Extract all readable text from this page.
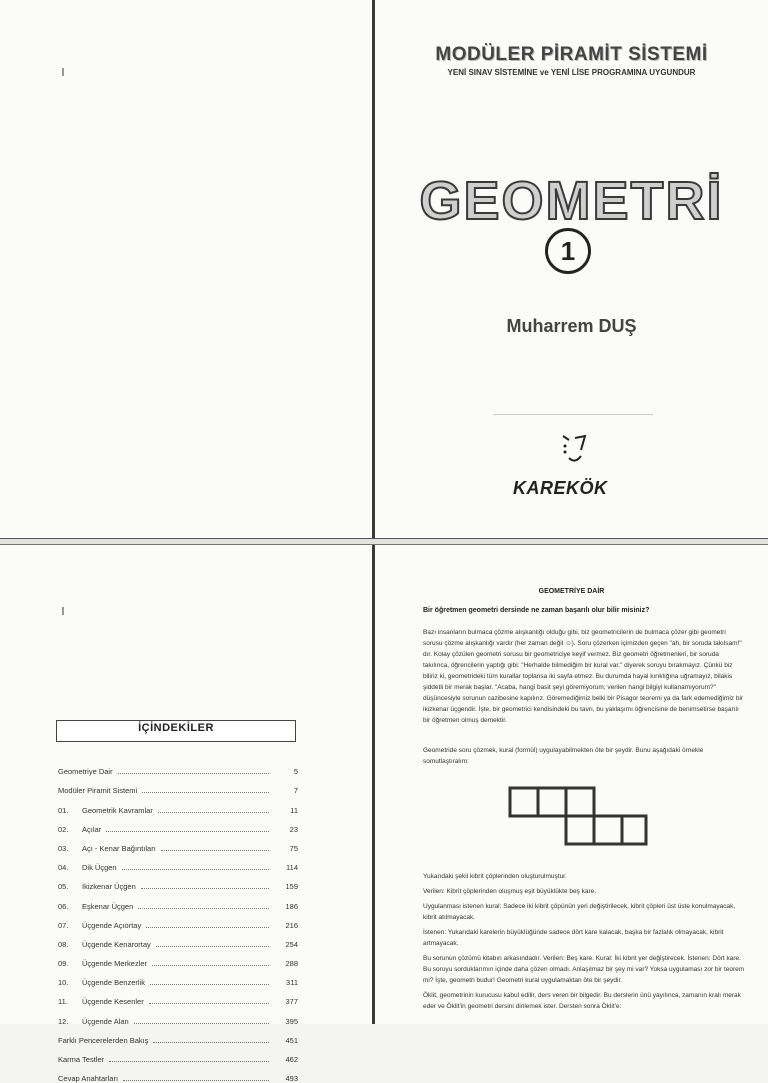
MODÜLER PİRAMİT SİSTEMİ
YENİ SINAV SİSTEMİNE ve YENİ LİSE PROGRAMINA UYGUNDUR
GEOMETRİ
1
Muharrem DUŞ
KAREKÖK
İÇİNDEKİLER
Geometriye Dair	5
Modüler Piramit Sistemi	7
01.	Geometrik Kavramlar	11
02.	Açılar	23
03.	Açı - Kenar Bağıntıları	75
04.	Dik Üçgen	114
05.	İkizkenar Üçgen	159
06.	Eşkenar Üçgen	186
07.	Üçgende Açıortay	216
08.	Üçgende Kenarortay	254
09.	Üçgende Merkezler	288
10.	Üçgende Benzerlik	311
11.	Üçgende Kesenler	377
12.	Üçgende Alan	395
Farklı Pencerelerden Bakış	451
Karma Testler	462
Cevap Anahtarları	493
GEOMETRİYE DAİR
Bir öğretmen geometri dersinde ne zaman başarılı olur bilir misiniz?

Bazı insanların bulmaca çözme alışkanlığı olduğu gibi, biz geometricilerin de bulmaca çözer gibi geometri sorusu çözme alışkanlığı vardır (her zaman değil ☺). Soru çözerken içimizden geçen "ah, bir soruda takılsam!" dır. Kolay çözülen geometri sorusu bir geometriciye keyif vermez. Biz geometri öğretmenleri, bir soruda takılınca, öğrencilerin yaptığı gibi: "Herhalde bilmediğim bir kural var." diyerek soruyu bırakmayız. Çünkü biz biliriz ki, geometrideki tüm kurallar toplansa iki sayfa etmez. Bu durumda hayal kırıklığına uğramayız, bilakis şiddetli bir merak başlar. "Acaba, hangi basit şeyi göremiyorum; verilen hangi bilgiyi kullanamıyorum?" düşüncesiyle sorunun cazibesine kapılırız. Göremediğimiz belki bir Pisagor teoremi ya da fark edemediğimiz bir ikizkenar üçgendir. İşte, bir geometrici kendisindeki bu tavrı, bu yaklaşımı öğrencisine de benimsetirse başarılı bir öğretmen olmuş demektir.

Geometride soru çözmek, kural (formül) uygulayabilmekten öte bir şeydir. Bunu aşağıdaki örnekle somutlaştıralım:

Yukarıdaki şekil kibrit çöplerinden oluşturulmuştur.

Verilen: Kibrit çöplerinden oluşmuş eşit büyüklükte beş kare.

Uygulanması istenen kural: Sadece iki kibrit çöpünün yeri değiştirilecek, kibrit çöpleri üst üste konulmayacak, kibrit atılmayacak.

İstenen: Yukarıdaki karelerin büyüklüğünde sadece dört kare kalacak, başka bir fazlalık olmayacak, kibrit artmayacak.

Bu sorunun çözümü kitabın arkasındadır. Verilen: Beş kare. Kural: İki kibrit yer değiştirecek. İstenen: Dört kare. Bu soruyu sorduklarımın içinde daha çözen olmadı. Anlaşılmaz bir şey mi var? Yoksa uygulaması zor bir teorem mi? İşte, geometri budur! Geometri kural uygulamaktan öte bir şeydir.

Öklit, geometrinin kurucusu kabul edilir, ders veren bir bilgedir. Bu derslerin ünü yayılınca, zamanın kralı merak eder ve Öklit'in geometri dersini dinlemek ister. Dersten sonra Öklit'e:
